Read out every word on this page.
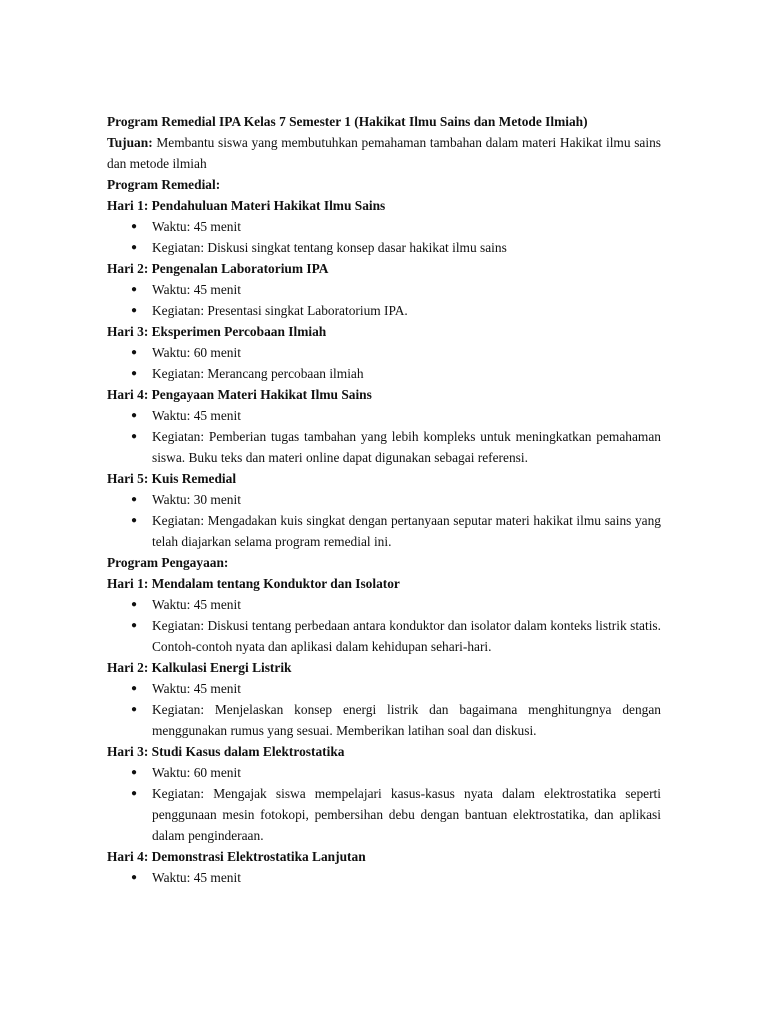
Program Remedial IPA Kelas 7 Semester 1 (Hakikat Ilmu Sains dan Metode Ilmiah)

Tujuan: Membantu siswa yang membutuhkan pemahaman tambahan dalam materi Hakikat ilmu sains dan metode ilmiah

Program Remedial:

Hari 1: Pendahuluan Materi Hakikat Ilmu Sains

● Waktu: 45 menit
● Kegiatan: Diskusi singkat tentang konsep dasar hakikat ilmu sains

Hari 2: Pengenalan Laboratorium IPA

● Waktu: 45 menit
● Kegiatan: Presentasi singkat Laboratorium IPA.

Hari 3: Eksperimen Percobaan Ilmiah

● Waktu: 60 menit
● Kegiatan: Merancang percobaan ilmiah

Hari 4: Pengayaan Materi Hakikat Ilmu Sains

● Waktu: 45 menit
● Kegiatan: Pemberian tugas tambahan yang lebih kompleks untuk meningkatkan pemahaman siswa. Buku teks dan materi online dapat digunakan sebagai referensi.

Hari 5: Kuis Remedial

● Waktu: 30 menit
● Kegiatan: Mengadakan kuis singkat dengan pertanyaan seputar materi hakikat ilmu sains yang telah diajarkan selama program remedial ini.

Program Pengayaan:

Hari 1: Mendalam tentang Konduktor dan Isolator

● Waktu: 45 menit
● Kegiatan: Diskusi tentang perbedaan antara konduktor dan isolator dalam konteks listrik statis. Contoh-contoh nyata dan aplikasi dalam kehidupan sehari-hari.

Hari 2: Kalkulasi Energi Listrik

● Waktu: 45 menit
● Kegiatan: Menjelaskan konsep energi listrik dan bagaimana menghitungnya dengan menggunakan rumus yang sesuai. Memberikan latihan soal dan diskusi.

Hari 3: Studi Kasus dalam Elektrostatika

● Waktu: 60 menit
● Kegiatan: Mengajak siswa mempelajari kasus-kasus nyata dalam elektrostatika seperti penggunaan mesin fotokopi, pembersihan debu dengan bantuan elektrostatika, dan aplikasi dalam penginderaan.

Hari 4: Demonstrasi Elektrostatika Lanjutan

● Waktu: 45 menit
